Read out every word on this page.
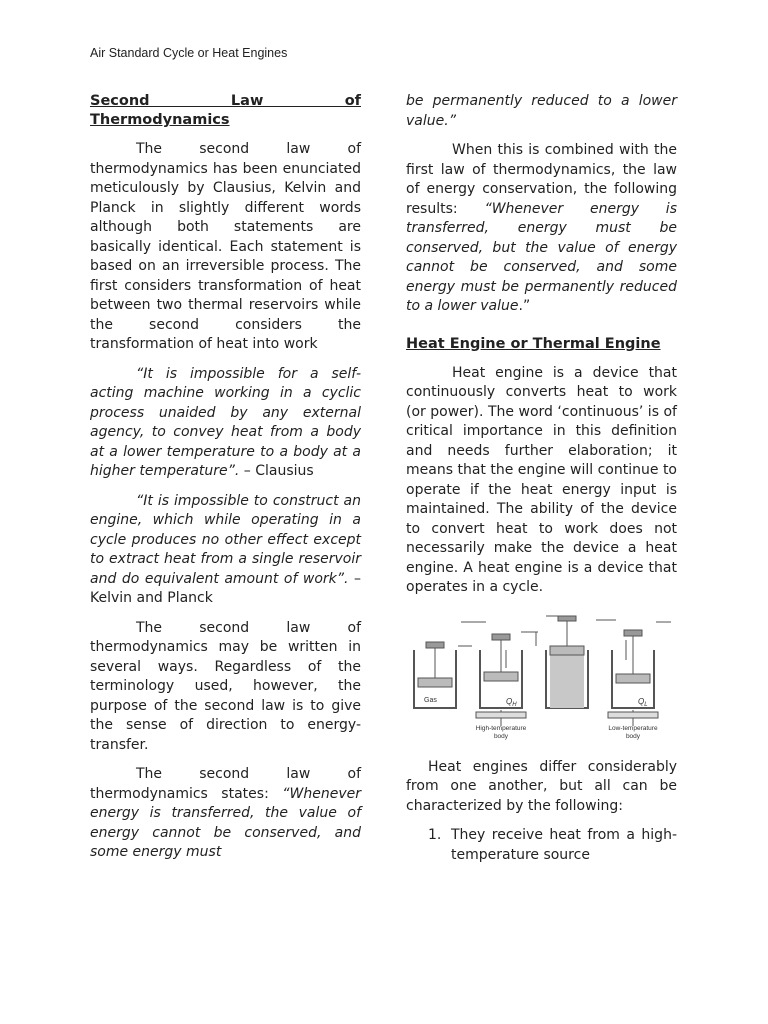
Air Standard Cycle or Heat Engines
Second Law of
Thermodynamics

The second law of thermodynamics has been enunciated meticulously by Clausius, Kelvin and Planck in slightly different words although both statements are basically identical. Each statement is based on an irreversible process. The first considers transformation of heat between two thermal reservoirs while the second considers the transformation of heat into work

“It is impossible for a self-acting machine working in a cyclic process unaided by any external agency, to convey heat from a body at a lower temperature to a body at a higher temperature”. – Clausius

“It is impossible to construct an engine, which while operating in a cycle produces no other effect except to extract heat from a single reservoir and do equivalent amount of work”. – Kelvin and Planck

The second law of thermodynamics may be written in several ways. Regardless of the terminology used, however, the purpose of the second law is to give the sense of direction to energy-transfer.

The second law of thermodynamics states: “Whenever energy is transferred, the value of energy cannot be conserved, and some energy must

be permanently reduced to a lower value.”

When this is combined with the first law of thermodynamics, the law of energy conservation, the following results: “Whenever energy is transferred, energy must be conserved, but the value of energy cannot be conserved, and some energy must be permanently reduced to a lower value.”

Heat Engine or Thermal Engine

Heat engine is a device that continuously converts heat to work (or power). The word ‘continuous’ is of critical importance in this definition and needs further elaboration; it means that the engine will continue to operate if the heat energy input is maintained. The ability of the device to convert heat to work does not necessarily make the device a heat engine. A heat engine is a device that operates in a cycle.

Gas	$Q_H$	$Q_L$
High-temperature
body
Low-temperature
body

Heat engines differ considerably from one another, but all can be characterized by the following:

1. They receive heat from a high-temperature source
